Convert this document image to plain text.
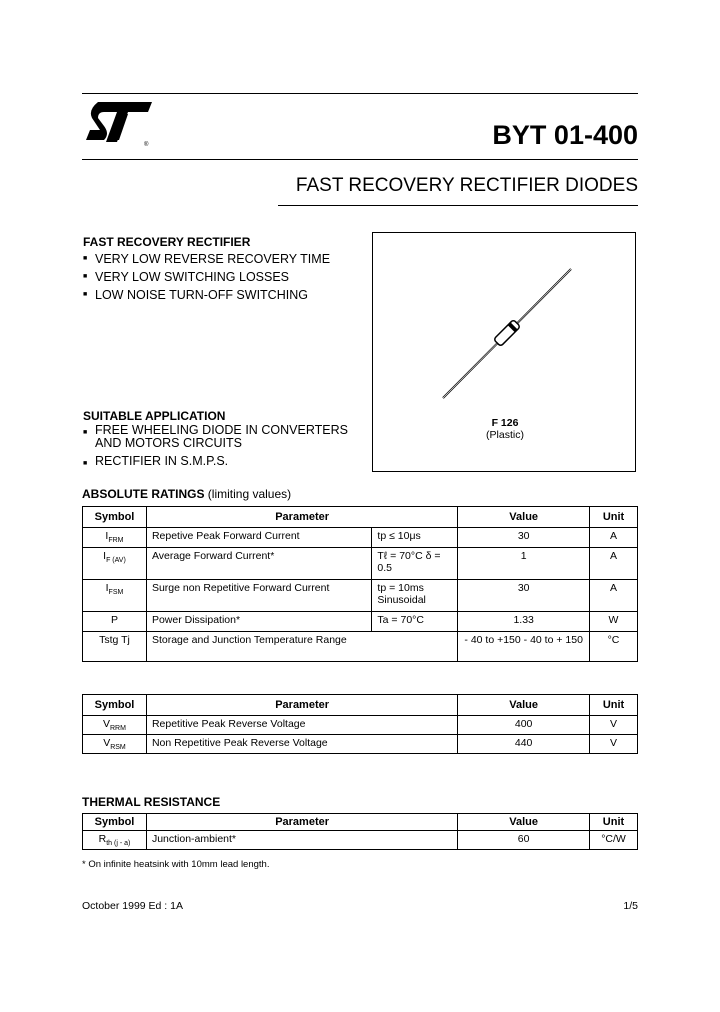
®	BYT 01-400
FAST RECOVERY RECTIFIER DIODES
FAST RECOVERY RECTIFIER
■ VERY LOW REVERSE RECOVERY TIME
■ VERY LOW SWITCHING LOSSES
■ LOW NOISE TURN-OFF SWITCHING
SUITABLE APPLICATION
■ FREE WHEELING DIODE IN CONVERTERS AND MOTORS CIRCUITS
■ RECTIFIER IN S.M.P.S.
F 126
(Plastic)
ABSOLUTE RATINGS (limiting values)
Symbol	Parameter		Value	Unit
$I_{FRM}$	Repetive Peak Forward Current	tp ≤ 10μs	30	A
$I_{F (AV)}$	Average Forward Current*	Tℓ = 70°C δ = 0.5	1	A
$I_{FSM}$	Surge non Repetitive Forward Current	tp = 10ms Sinusoidal	30	A
P	Power Dissipation*	Ta = 70°C	1.33	W
Tstg Tj	Storage and Junction Temperature Range		- 40 to +150 - 40 to + 150	°C
Symbol	Parameter	Value	Unit
$V_{RRM}$	Repetitive Peak Reverse Voltage	400	V
$V_{RSM}$	Non Repetitive Peak Reverse Voltage	440	V
THERMAL RESISTANCE
Symbol	Parameter	Value	Unit
$R_{th (j - a)}$	Junction-ambient*	60	°C/W
* On infinite heatsink with 10mm lead length.
October 1999 Ed : 1A	1/5
